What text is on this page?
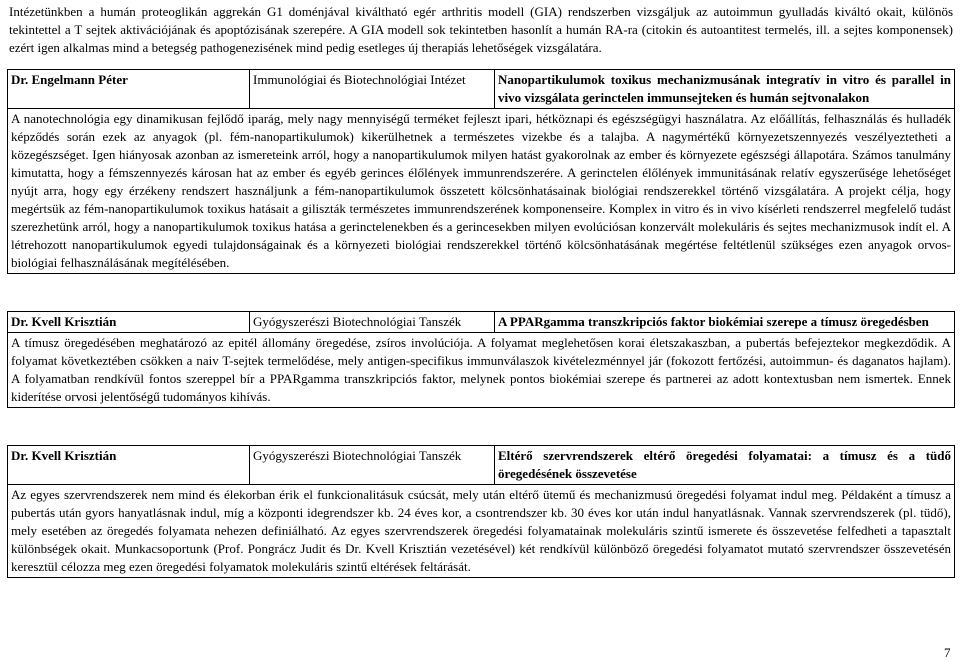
Intézetünkben a humán proteoglikán aggrekán G1 doménjával kiváltható egér arthritis modell (GIA) rendszerben vizsgáljuk az autoimmun gyulladás kiváltó okait, különös tekintettel a T sejtek aktivációjának és apoptózisának szerepére. A GIA modell sok tekintetben hasonlít a humán RA-ra (citokin és autoantitest termelés, ill. a sejtes komponensek) ezért igen alkalmas mind a betegség pathogenezisének mind pedig esetleges új therapiás lehetőségek vizsgálatára.
Dr. Engelmann Péter	Immunológiai és Biotechnológiai Intézet	Nanopartikulumok toxikus mechanizmusának integratív in vitro és parallel in vivo vizsgálata gerinctelen immunsejteken és humán sejtvonalakon
A nanotechnológia egy dinamikusan fejlődő iparág, mely nagy mennyiségű terméket fejleszt ipari, hétköznapi és egészségügyi használatra. Az előállítás, felhasználás és hulladék képződés során ezek az anyagok (pl. fém-nanopartikulumok) kikerülhetnek a természetes vizekbe és a talajba. A nagymértékű környezetszennyezés veszélyeztetheti a közegészséget. Igen hiányosak azonban az ismereteink arról, hogy a nanopartikulumok milyen hatást gyakorolnak az ember és környezete egészségi állapotára. Számos tanulmány kimutatta, hogy a fémszennyezés károsan hat az ember és egyéb gerinces élőlények immunrendszerére. A gerinctelen élőlények immunitásának relatív egyszerűsége lehetőséget nyújt arra, hogy egy érzékeny rendszert használjunk a fém-nanopartikulumok összetett kölcsönhatásainak biológiai rendszerekkel történő vizsgálatára. A projekt célja, hogy megértsük az fém-nanopartikulumok toxikus hatásait a giliszták természetes immunrendszerének komponenseire. Komplex in vitro és in vivo kísérleti rendszerrel megfelelő tudást szerezhetünk arról, hogy a nanopartikulumok toxikus hatása a gerinctelenekben és a gerincesekben milyen evolúciósan konzervált molekuláris és sejtes mechanizmusok indít el. A létrehozott nanopartikulumok egyedi tulajdonságainak és a környezeti biológiai rendszerekkel történő kölcsönhatásának megértése feltétlenül szükséges ezen anyagok orvos-biológiai felhasználásának megítélésében.
Dr. Kvell Krisztián	Gyógyszerészi Biotechnológiai Tanszék	A PPARgamma transzkripciós faktor biokémiai szerepe a tímusz öregedésben
A tímusz öregedésében meghatározó az epitél állomány öregedése, zsíros involúciója. A folyamat meglehetősen korai életszakaszban, a pubertás befejeztekor megkezdődik. A folyamat következtében csökken a naiv T-sejtek termelődése, mely antigen-specifikus immunválaszok kivételezménnyel jár (fokozott fertőzési, autoimmun- és daganatos hajlam). A folyamatban rendkívül fontos szereppel bír a PPARgamma transzkripciós faktor, melynek pontos biokémiai szerepe és partnerei az adott kontextusban nem ismertek. Ennek kiderítése orvosi jelentőségű tudományos kihívás.
Dr. Kvell Krisztián	Gyógyszerészi Biotechnológiai Tanszék	Eltérő szervrendszerek eltérő öregedési folyamatai: a tímusz és a tüdő öregedésének összevetése
Az egyes szervrendszerek nem mind és élekorban érik el funkcionalitásuk csúcsát, mely után eltérő ütemű és mechanizmusú öregedési folyamat indul meg. Példaként a tímusz a pubertás után gyors hanyatlásnak indul, míg a központi idegrendszer kb. 24 éves kor, a csontrendszer kb. 30 éves kor után indul hanyatlásnak. Vannak szervrendszerek (pl. tüdő), mely esetében az öregedés folyamata nehezen definiálható. Az egyes szervrendszerek öregedési folyamatainak molekuláris szintű ismerete és összevetése felfedheti a tapasztalt különbségek okait. Munkacsoportunk (Prof. Pongrácz Judit és Dr. Kvell Krisztián vezetésével) két rendkívül különböző öregedési folyamatot mutató szervrendszer összevetésén keresztül célozza meg ezen öregedési folyamatok molekuláris szintű eltérések feltárását.
7
